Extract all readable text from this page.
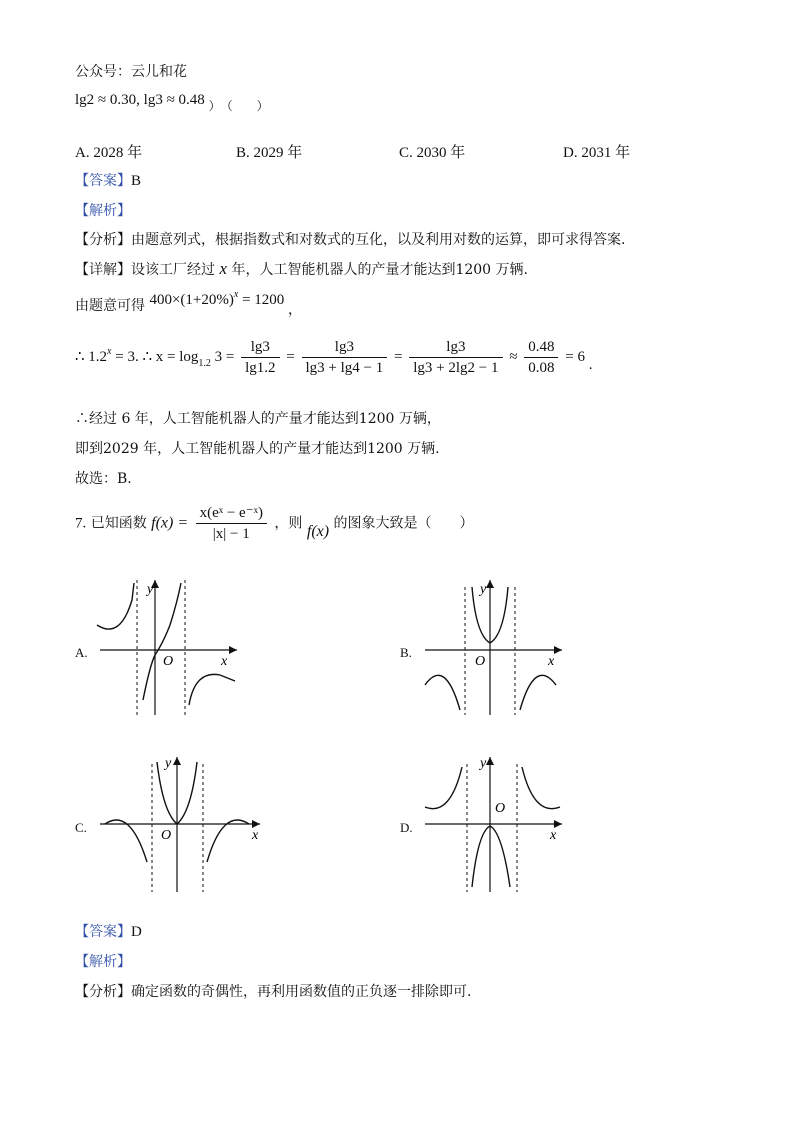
公众号：云儿和花
lg2 ≈ 0.30, lg3 ≈ 0.48 $_{) ( )}$
A. 2028 年	B. 2029 年	C. 2030 年	D. 2031 年
【答案】B
【解析】
【分析】由题意列式，根据指数式和对数式的互化，以及利用对数的运算，即可求得答案.
【详解】设该工厂经过 x 年，人工智能机器人的产量才能达到1200 万辆.
由题意可得 $400\times(1+20\%)^x = 1200$ ，
∴ $1.2^x = 3$. ∴ $x = \log_{1.2} 3 = \frac{\lg 3}{\lg 1.2} = \frac{\lg 3}{\lg 3 + \lg 4 - 1} = \frac{\lg 3}{\lg 3 + 2\lg 2 - 1} \approx \frac{0.48}{0.08} = 6$ .
∴经过 6 年，人工智能机器人的产量才能达到1200 万辆，
即到2029 年，人工智能机器人的产量才能达到1200 万辆.
故选：B.
7. 已知函数 $f(x) = \frac{\text{x(eˣ − e⁻ˣ)}}{|x| - 1}$ ，则 f(x) 的图象大致是（　　）
A.
O	x
y
B.
O	x
y
C.
O	x
y
D.
O
x
y
【答案】D
【解析】
【分析】确定函数的奇偶性，再利用函数值的正负逐一排除即可.
